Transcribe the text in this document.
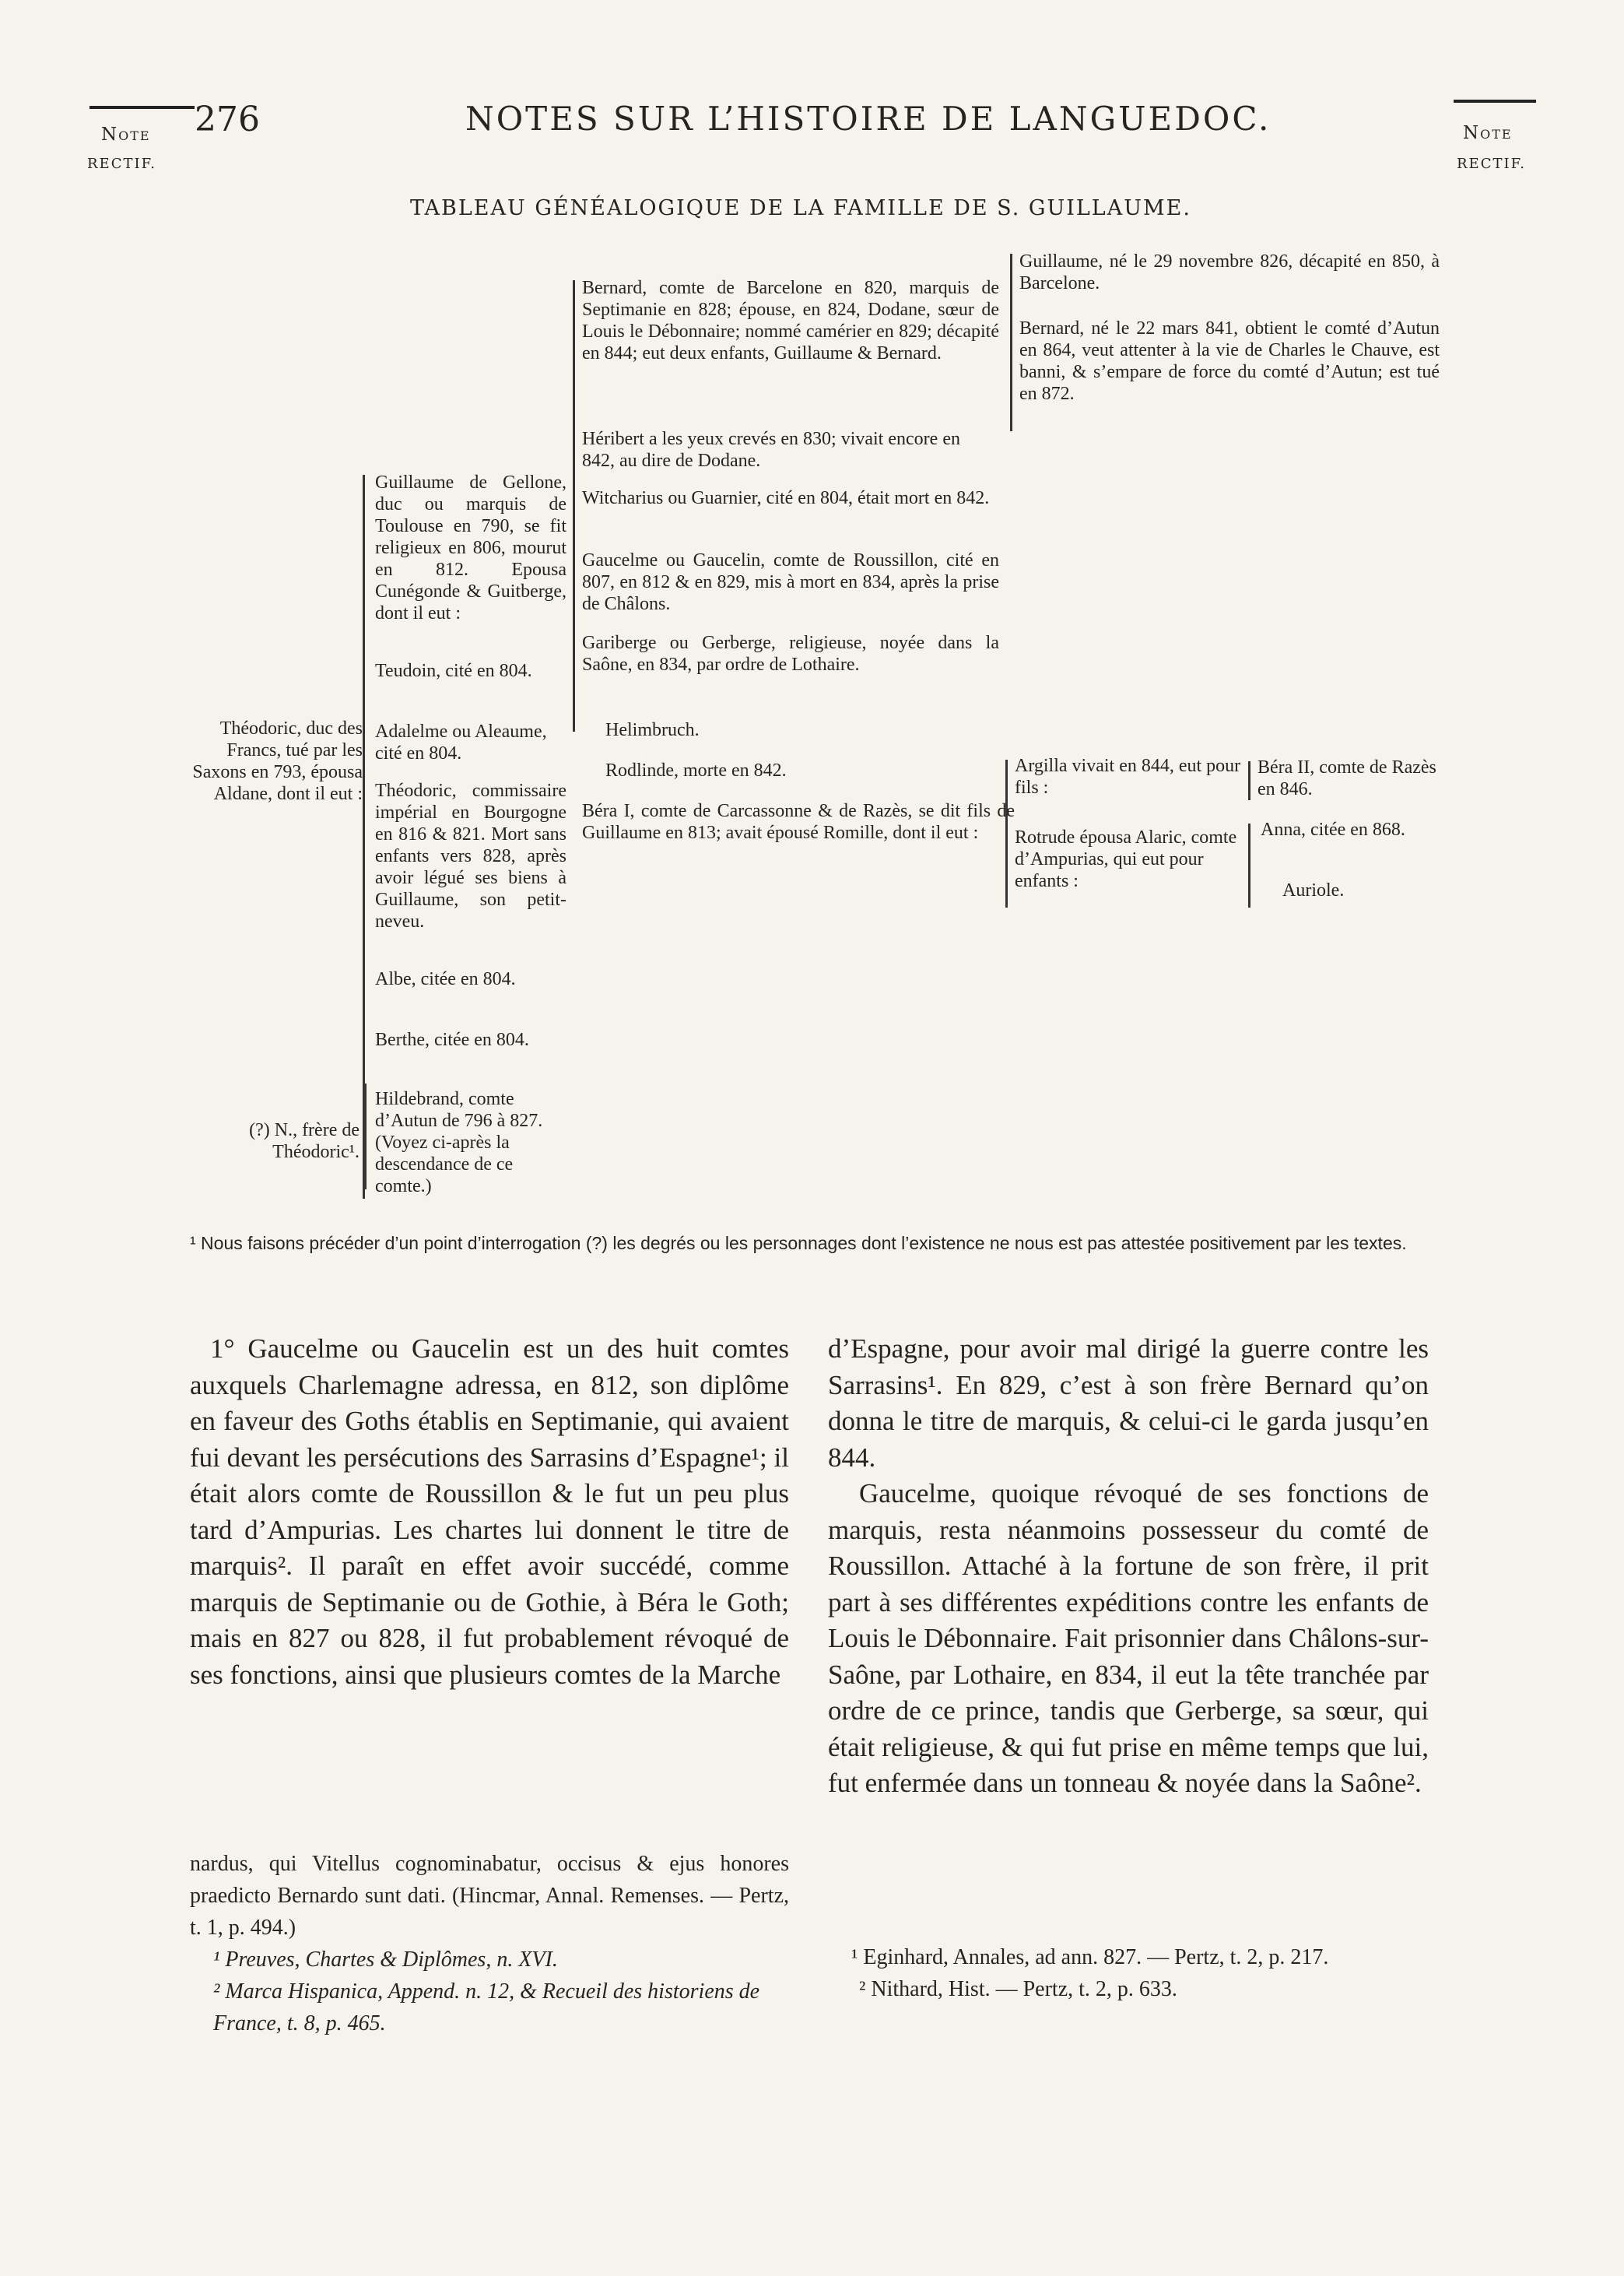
Note
RECTIF.
276	NOTES SUR L’HISTOIRE DE LANGUEDOC.	Note
RECTIF.
TABLEAU GÉNÉALOGIQUE DE LA FAMILLE DE S. GUILLAUME.
Théodoric, duc des Francs, tué par les Saxons en 793, épousa Aldane, dont il eut :
(?) N., frère de Théodoric¹.
Guillaume de Gellone, duc ou marquis de Toulouse en 790, se fit religieux en 806, mourut en 812. Epousa Cunégonde & Guitberge, dont il eut :
Teudoin, cité en 804.
Adalelme ou Aleaume, cité en 804.
Théodoric, commissaire impérial en Bourgogne en 816 & 821. Mort sans enfants vers 828, après avoir légué ses biens à Guillaume, son petit-neveu.
Albe, citée en 804.
Berthe, citée en 804.
Hildebrand, comte d’Autun de 796 à 827. (Voyez ci-après la descendance de ce comte.)
Bernard, comte de Barcelone en 820, marquis de Septimanie en 828; épouse, en 824, Dodane, sœur de Louis le Débonnaire; nommé camérier en 829; décapité en 844; eut deux enfants, Guillaume & Bernard.
Héribert a les yeux crevés en 830; vivait encore en 842, au dire de Dodane.
Witcharius ou Guarnier, cité en 804, était mort en 842.
Gaucelme ou Gaucelin, comte de Roussillon, cité en 807, en 812 & en 829, mis à mort en 834, après la prise de Châlons.
Gariberge ou Gerberge, religieuse, noyée dans la Saône, en 834, par ordre de Lothaire.
Helimbruch.
Rodlinde, morte en 842.
Béra I, comte de Carcassonne & de Razès, se dit fils de Guillaume en 813; avait épousé Romille, dont il eut :
Guillaume, né le 29 novembre 826, décapité en 850, à Barcelone.
Bernard, né le 22 mars 841, obtient le comté d’Autun en 864, veut attenter à la vie de Charles le Chauve, est banni, & s’empare de force du comté d’Autun; est tué en 872.
Argilla vivait en 844, eut pour fils :
Rotrude épousa Alaric, comte d’Ampurias, qui eut pour enfants :
Béra II, comte de Razès en 846.
Anna, citée en 868.
Auriole.
¹ Nous faisons précéder d’un point d’interrogation (?) les degrés ou les personnages dont l’existence ne nous est pas attestée positivement par les textes.

1° Gaucelme ou Gaucelin est un des huit comtes auxquels Charlemagne adressa, en 812, son diplôme en faveur des Goths établis en Septimanie, qui avaient fui devant les persécutions des Sarrasins d’Espagne¹; il était alors comte de Roussillon & le fut un peu plus tard d’Ampurias. Les chartes lui donnent le titre de marquis². Il paraît en effet avoir succédé, comme marquis de Septimanie ou de Gothie, à Béra le Goth; mais en 827 ou 828, il fut probablement révoqué de ses fonctions, ainsi que plusieurs comtes de la Marche

d’Espagne, pour avoir mal dirigé la guerre contre les Sarrasins¹. En 829, c’est à son frère Bernard qu’on donna le titre de marquis, & celui-ci le garda jusqu’en 844.

Gaucelme, quoique révoqué de ses fonctions de marquis, resta néanmoins possesseur du comté de Roussillon. Attaché à la fortune de son frère, il prit part à ses différentes expéditions contre les enfants de Louis le Débonnaire. Fait prisonnier dans Châlons-sur-Saône, par Lothaire, en 834, il eut la tête tranchée par ordre de ce prince, tandis que Gerberge, sa sœur, qui était religieuse, & qui fut prise en même temps que lui, fut enfermée dans un tonneau & noyée dans la Saône².

nardus, qui Vitellus cognominabatur, occisus & ejus honores praedicto Bernardo sunt dati. (Hincmar, Annal. Remenses. — Pertz, t. 1, p. 494.)

¹ Preuves, Chartes & Diplômes, n. XVI.

² Marca Hispanica, Append. n. 12, & Recueil des historiens de France, t. 8, p. 465.

¹ Eginhard, Annales, ad ann. 827. — Pertz, t. 2, p. 217.

² Nithard, Hist. — Pertz, t. 2, p. 633.
